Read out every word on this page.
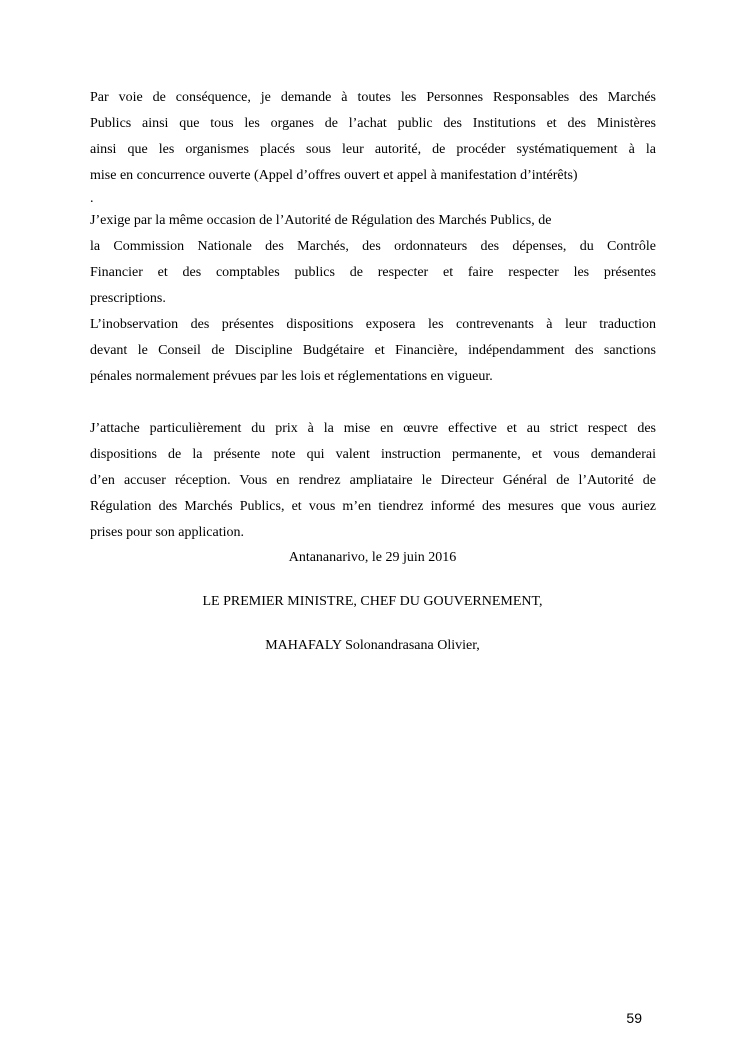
Par voie de conséquence, je demande à toutes les Personnes Responsables des Marchés
Publics ainsi que tous les organes de l’achat public des Institutions et des Ministères
ainsi que les organismes placés sous leur autorité, de procéder systématiquement à la
mise en concurrence ouverte (Appel d’offres ouvert et appel à manifestation d’intérêts)
.
J’exige par la même occasion de l’Autorité de Régulation des Marchés Publics, de
la Commission Nationale des Marchés, des ordonnateurs des dépenses, du Contrôle
Financier et des comptables publics de respecter et faire respecter les présentes
prescriptions.
L’inobservation des présentes dispositions exposera les contrevenants à leur traduction
devant le Conseil de Discipline Budgétaire et Financière, indépendamment des sanctions
pénales normalement prévues par les lois et réglementations en vigueur.
J’attache particulièrement du prix à la mise en œuvre effective et au strict respect des
dispositions de la présente note qui valent instruction permanente, et vous demanderai
d’en accuser réception. Vous en rendrez ampliataire le Directeur Général de l’Autorité de
Régulation des Marchés Publics, et vous m’en tiendrez informé des mesures que vous auriez
prises pour son application.
Antananarivo, le 29 juin 2016
LE PREMIER MINISTRE, CHEF DU GOUVERNEMENT,
MAHAFALY Solonandrasana Olivier,
59
